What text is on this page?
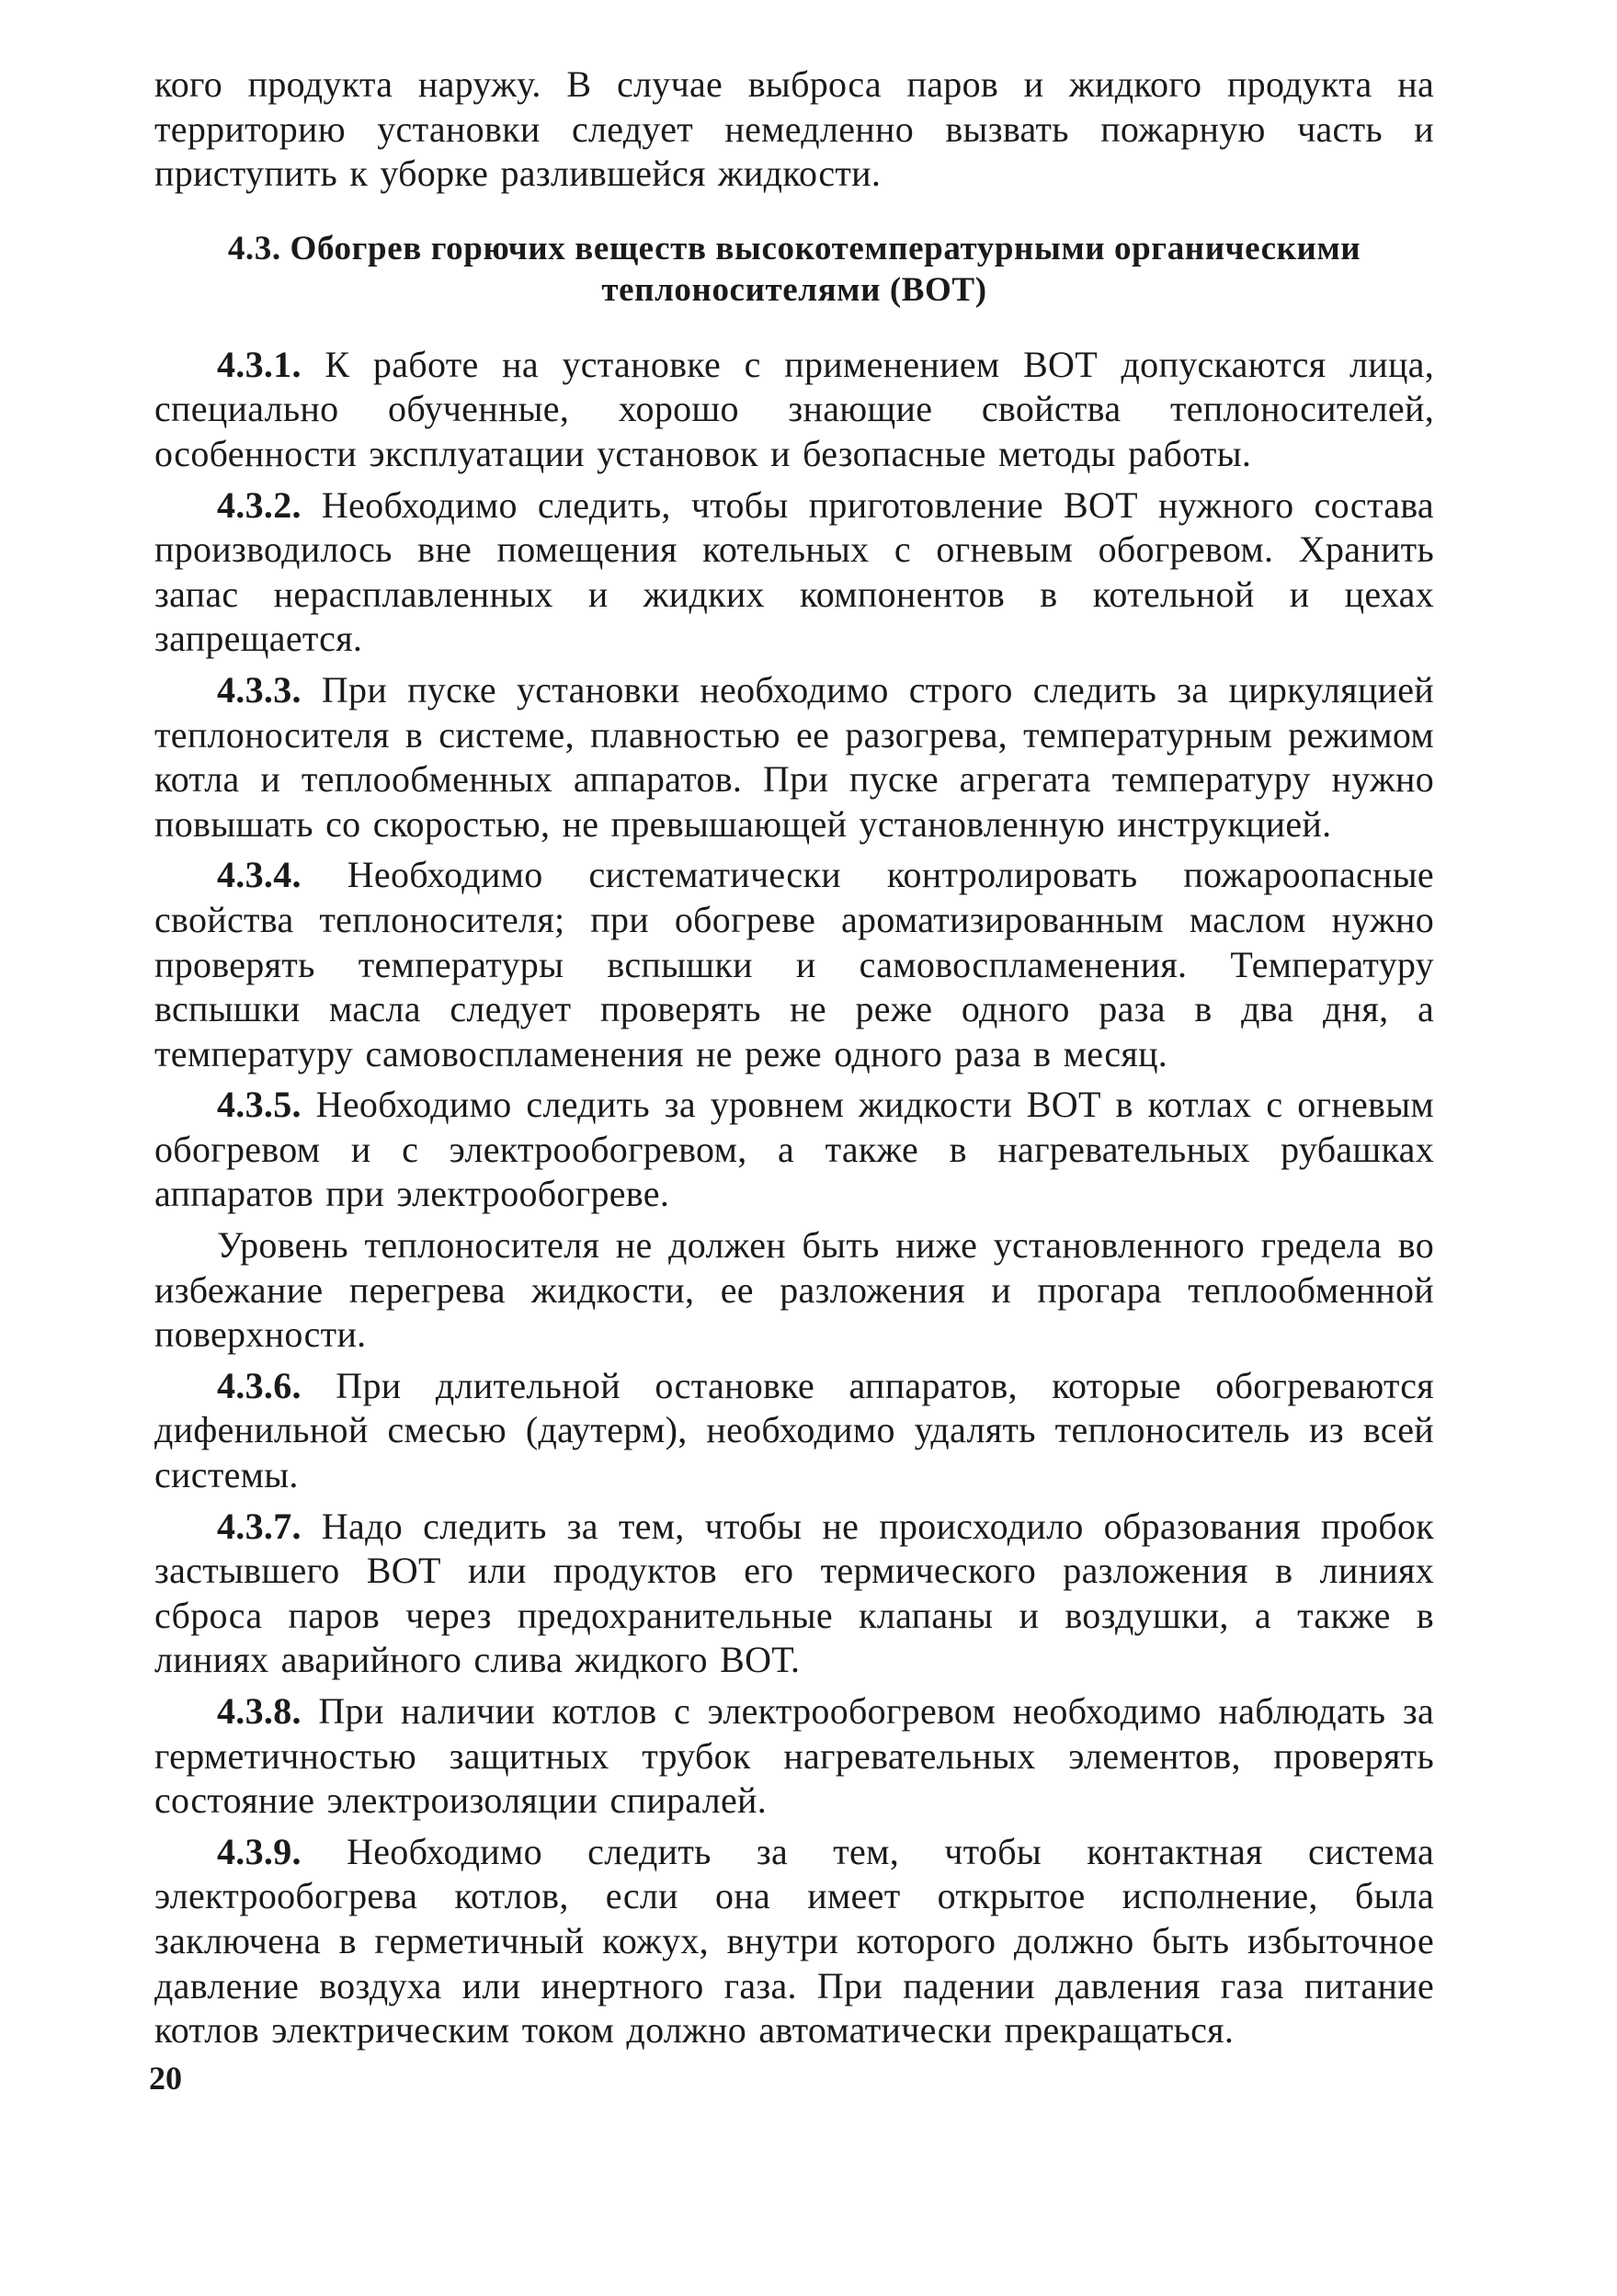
кого продукта наружу. В случае выброса паров и жидкого продукта на территорию установки следует немедленно вызвать пожарную часть и приступить к уборке разлившейся жидкости.

4.3. Обогрев горючих веществ высокотемпературными органическими теплоносителями (ВОТ)

4.3.1. К работе на установке с применением ВОТ допускаются лица, специально обученные, хорошо знающие свойства теплоносителей, особенности эксплуатации установок и безопасные методы работы.

4.3.2. Необходимо следить, чтобы приготовление ВОТ нужного состава производилось вне помещения котельных с огневым обогревом. Хранить запас нерасплавленных и жидких компонентов в котельной и цехах запрещается.

4.3.3. При пуске установки необходимо строго следить за циркуляцией теплоносителя в системе, плавностью ее разогрева, температурным режимом котла и теплообменных аппаратов. При пуске агрегата температуру нужно повышать со скоростью, не превышающей установленную инструкцией.

4.3.4. Необходимо систематически контролировать пожароопасные свойства теплоносителя; при обогреве ароматизированным маслом нужно проверять температуры вспышки и самовоспламенения. Температуру вспышки масла следует проверять не реже одного раза в два дня, а температуру самовоспламенения не реже одного раза в месяц.

4.3.5. Необходимо следить за уровнем жидкости ВОТ в котлах с огневым обогревом и с электрообогревом, а также в нагревательных рубашках аппаратов при электрообогреве.

Уровень теплоносителя не должен быть ниже установленного гредела во избежание перегрева жидкости, ее разложения и прогара теплообменной поверхности.

4.3.6. При длительной остановке аппаратов, которые обогреваются дифенильной смесью (даутерм), необходимо удалять теплоноситель из всей системы.

4.3.7. Надо следить за тем, чтобы не происходило образования пробок застывшего ВОТ или продуктов его термического разложения в линиях сброса паров через предохранительные клапаны и воздушки, а также в линиях аварийного слива жидкого ВОТ.

4.3.8. При наличии котлов с электрообогревом необходимо наблюдать за герметичностью защитных трубок нагревательных элементов, проверять состояние электроизоляции спиралей.

4.3.9. Необходимо следить за тем, чтобы контактная система электрообогрева котлов, если она имеет открытое исполнение, была заключена в герметичный кожух, внутри которого должно быть избыточное давление воздуха или инертного газа. При падении давления газа питание котлов электрическим током должно автоматически прекращаться.

20
